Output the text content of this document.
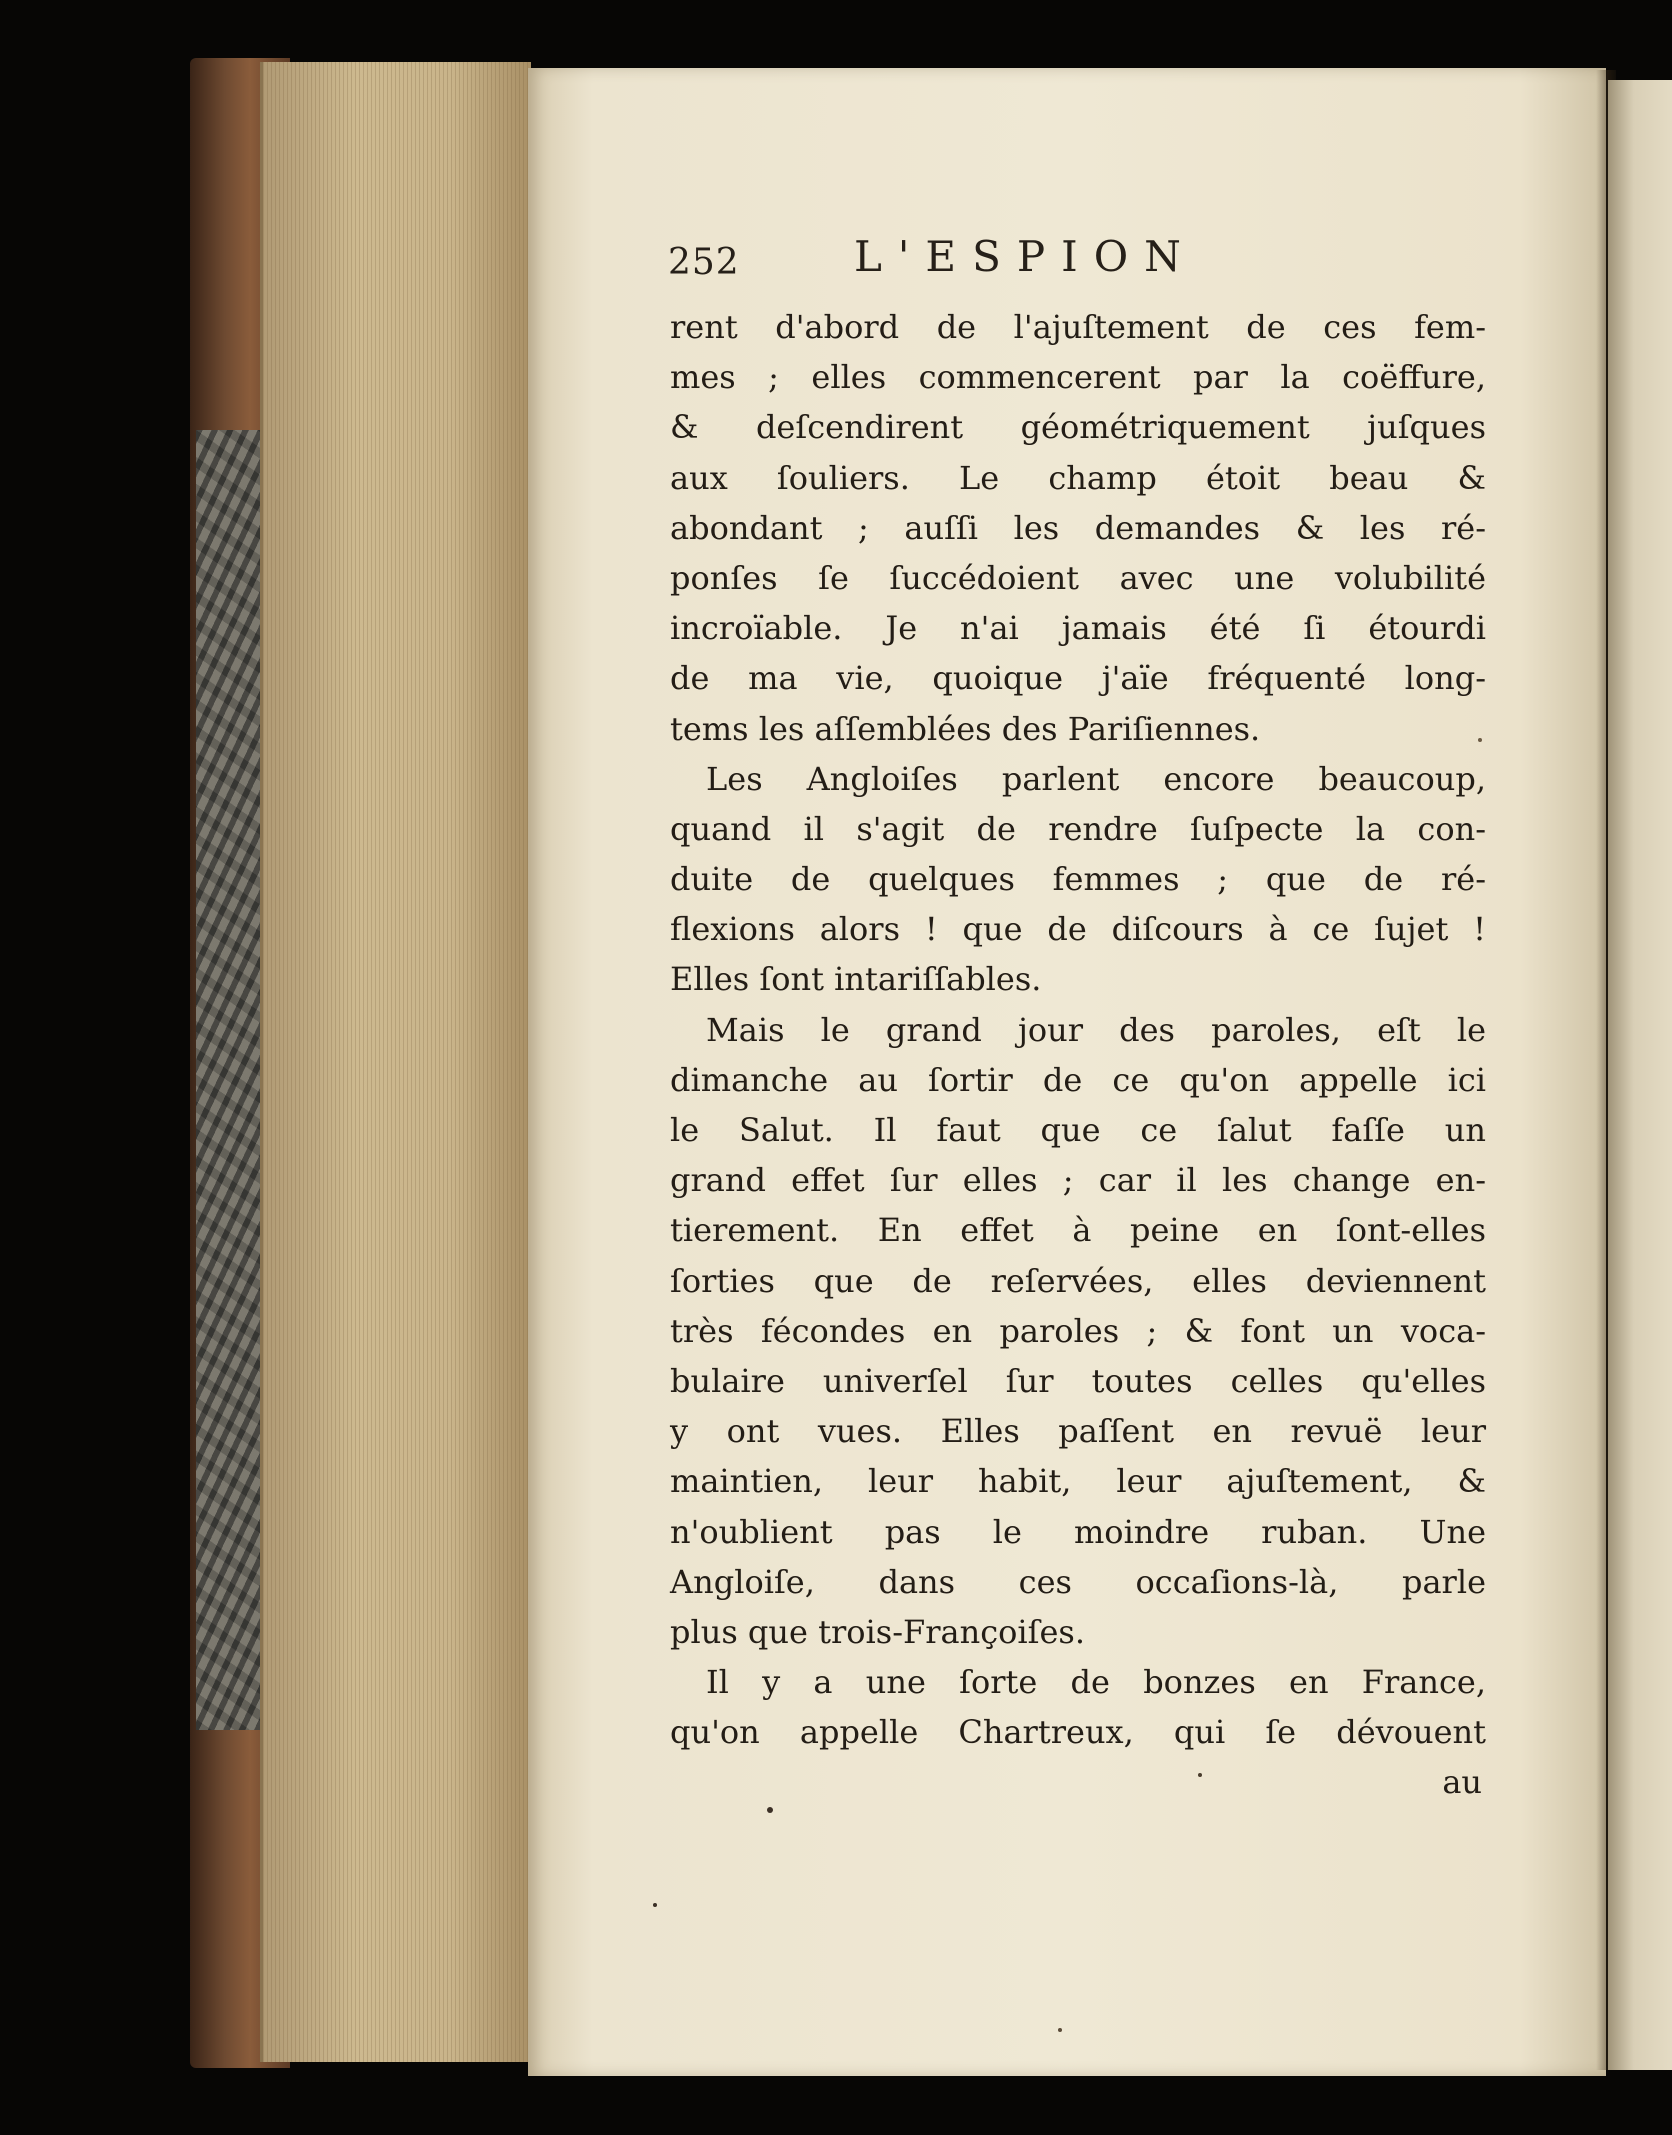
252	L'ESPION
rent d'abord de l'ajuſtement de ces fem-
mes ; elles commencerent par la coëffure,
& deſcendirent géométriquement juſques
aux ſouliers. Le champ étoit beau &
abondant ; auſſi les demandes & les ré-
ponſes ſe ſuccédoient avec une volubilité
incroïable. Je n'ai jamais été ſi étourdi
de ma vie, quoique j'aïe fréquenté long-
tems les aſſemblées des Pariſiennes.
Les Angloiſes parlent encore beaucoup,
quand il s'agit de rendre ſuſpecte la con-
duite de quelques femmes ; que de ré-
flexions alors ! que de diſcours à ce ſujet !
Elles ſont intariſſables.
Mais le grand jour des paroles, eſt le
dimanche au ſortir de ce qu'on appelle ici
le Salut. Il faut que ce ſalut faſſe un
grand effet ſur elles ; car il les change en-
tierement. En effet à peine en ſont-elles
ſorties que de reſervées, elles deviennent
très fécondes en paroles ; & font un voca-
bulaire univerſel ſur toutes celles qu'elles
y ont vues. Elles paſſent en revuë leur
maintien, leur habit, leur ajuſtement, &
n'oublient pas le moindre ruban. Une
Angloiſe, dans ces occaſions-là, parle
plus que trois-Françoiſes.
Il y a une ſorte de bonzes en France,
qu'on appelle Chartreux, qui ſe dévouent
au
